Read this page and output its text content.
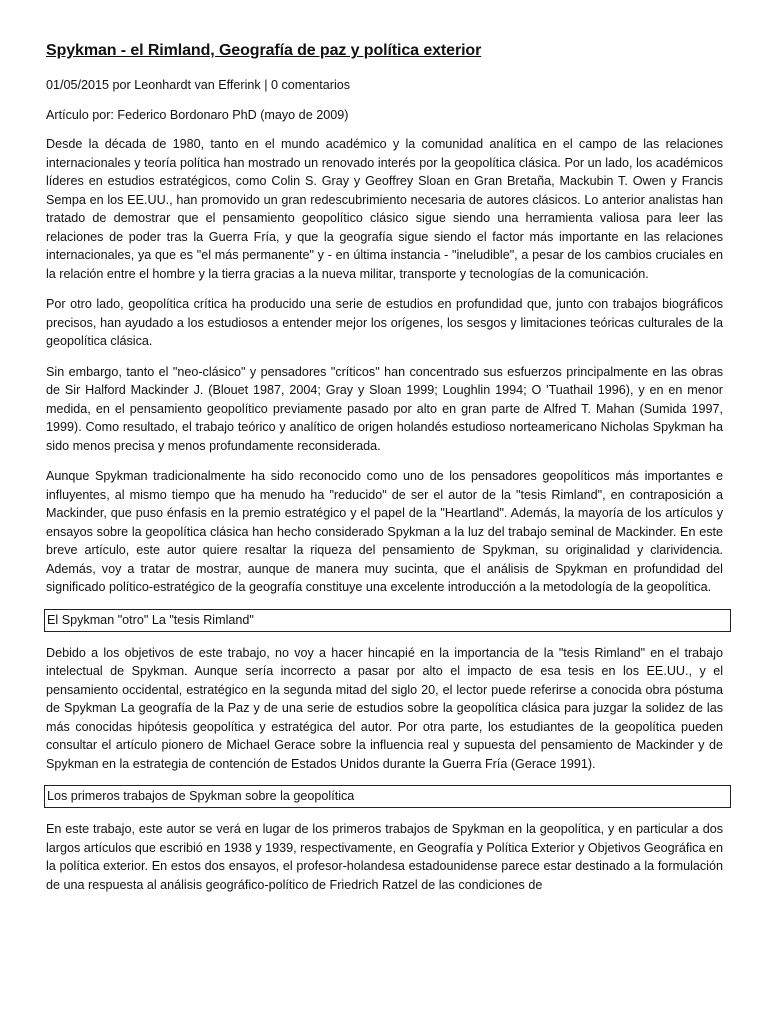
Spykman - el Rimland, Geografía de paz y política exterior
01/05/2015 por Leonhardt van Efferink | 0 comentarios
Artículo por: Federico Bordonaro PhD (mayo de 2009)

Desde la década de 1980, tanto en el mundo académico y la comunidad analítica en el campo de las relaciones internacionales y teoría política han mostrado un renovado interés por la geopolítica clásica. Por un lado, los académicos líderes en estudios estratégicos, como Colin S. Gray y Geoffrey Sloan en Gran Bretaña, Mackubin T. Owen y Francis Sempa en los EE.UU., han promovido un gran redescubrimiento necesaria de autores clásicos. Lo anterior analistas han tratado de demostrar que el pensamiento geopolítico clásico sigue siendo una herramienta valiosa para leer las relaciones de poder tras la Guerra Fría, y que la geografía sigue siendo el factor más importante en las relaciones internacionales, ya que es "el más permanente" y - en última instancia - "ineludible", a pesar de los cambios cruciales en la relación entre el hombre y la tierra gracias a la nueva militar, transporte y tecnologías de la comunicación.

Por otro lado, geopolítica crítica ha producido una serie de estudios en profundidad que, junto con trabajos biográficos precisos, han ayudado a los estudiosos a entender mejor los orígenes, los sesgos y limitaciones teóricas culturales de la geopolítica clásica.

Sin embargo, tanto el "neo-clásico" y pensadores "críticos" han concentrado sus esfuerzos principalmente en las obras de Sir Halford Mackinder J. (Blouet 1987, 2004; Gray y Sloan 1999; Loughlin 1994; O 'Tuathail 1996), y en en menor medida, en el pensamiento geopolítico previamente pasado por alto en gran parte de Alfred T. Mahan (Sumida 1997, 1999). Como resultado, el trabajo teórico y analítico de origen holandés estudioso norteamericano Nicholas Spykman ha sido menos precisa y menos profundamente reconsiderada.

Aunque Spykman tradicionalmente ha sido reconocido como uno de los pensadores geopolíticos más importantes e influyentes, al mismo tiempo que ha menudo ha "reducido" de ser el autor de la "tesis Rimland", en contraposición a Mackinder, que puso énfasis en la premio estratégico y el papel de la "Heartland". Además, la mayoría de los artículos y ensayos sobre la geopolítica clásica han hecho considerado Spykman a la luz del trabajo seminal de Mackinder. En este breve artículo, este autor quiere resaltar la riqueza del pensamiento de Spykman, su originalidad y clarividencia. Además, voy a tratar de mostrar, aunque de manera muy sucinta, que el análisis de Spykman en profundidad del significado político-estratégico de la geografía constituye una excelente introducción a la metodología de la geopolítica.

El Spykman "otro" La "tesis Rimland"

Debido a los objetivos de este trabajo, no voy a hacer hincapié en la importancia de la "tesis Rimland" en el trabajo intelectual de Spykman. Aunque sería incorrecto a pasar por alto el impacto de esa tesis en los EE.UU., y el pensamiento occidental, estratégico en la segunda mitad del siglo 20, el lector puede referirse a conocida obra póstuma de Spykman La geografía de la Paz y de una serie de estudios sobre la geopolítica clásica para juzgar la solidez de las más conocidas hipótesis geopolítica y estratégica del autor. Por otra parte, los estudiantes de la geopolítica pueden consultar el artículo pionero de Michael Gerace sobre la influencia real y supuesta del pensamiento de Mackinder y de Spykman en la estrategia de contención de Estados Unidos durante la Guerra Fría (Gerace 1991).

Los primeros trabajos de Spykman sobre la geopolítica

En este trabajo, este autor se verá en lugar de los primeros trabajos de Spykman en la geopolítica, y en particular a dos largos artículos que escribió en 1938 y 1939, respectivamente, en Geografía y Política Exterior y Objetivos Geográfica en la política exterior. En estos dos ensayos, el profesor-holandesa estadounidense parece estar destinado a la formulación de una respuesta al análisis geográfico-político de Friedrich Ratzel de las condiciones de
